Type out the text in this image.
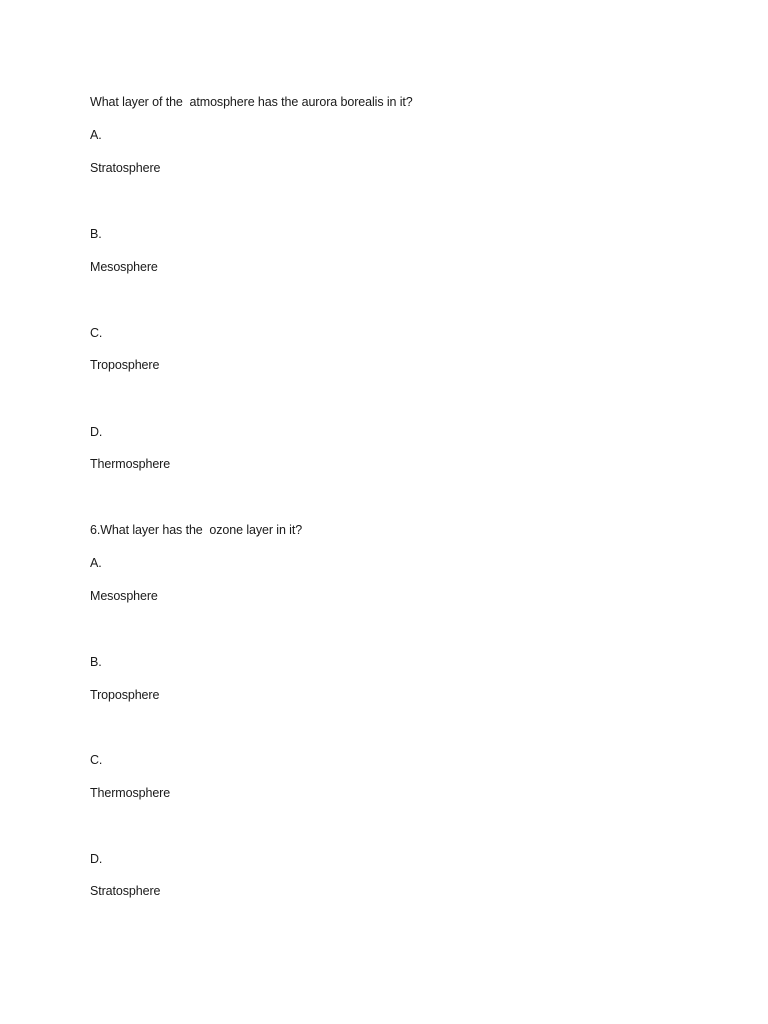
What layer of the  atmosphere has the aurora borealis in it?
A.
Stratosphere
B.
Mesosphere
C.
Troposphere
D.
Thermosphere
6.What layer has the  ozone layer in it?
A.
Mesosphere
B.
Troposphere
C.
Thermosphere
D.
Stratosphere
